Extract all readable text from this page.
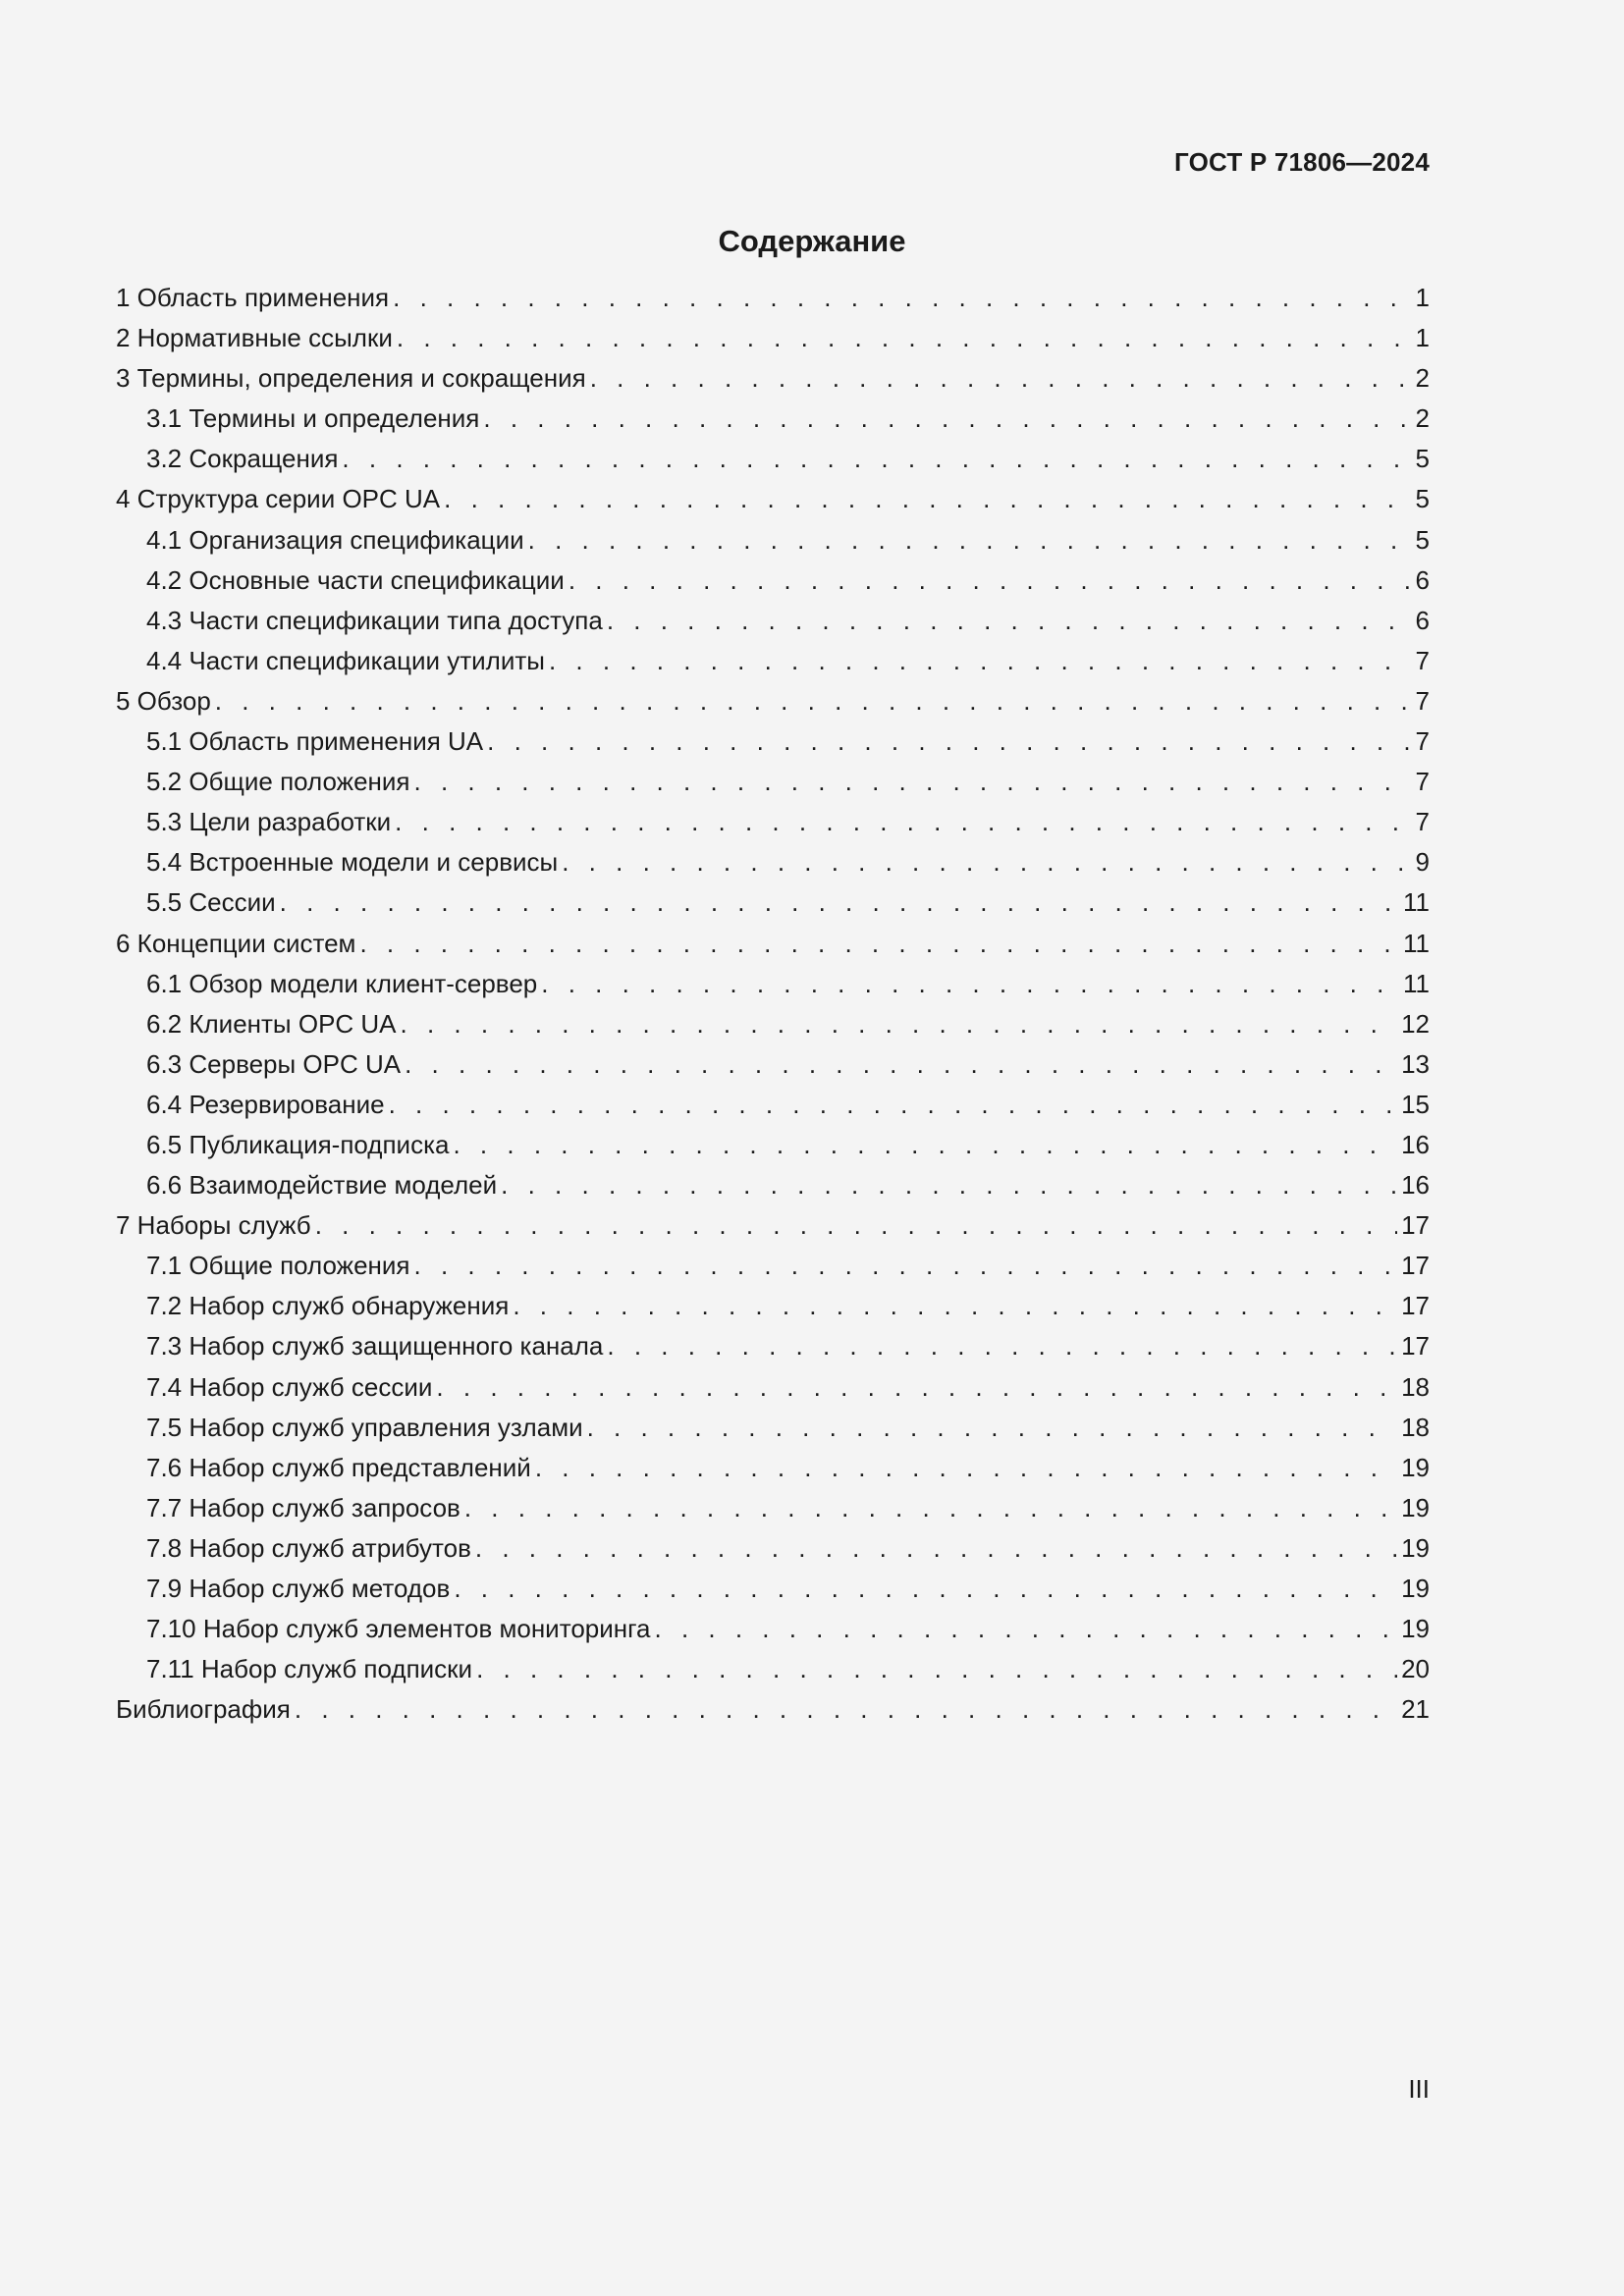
ГОСТ Р 71806—2024
Содержание
1 Область применения . . .	1
2 Нормативные ссылки . . .	1
3 Термины, определения и сокращения . . .	2
3.1 Термины и определения . . .	2
3.2 Сокращения . . .	5
4 Структура серии OPC UA . . .	5
4.1 Организация спецификации . . .	5
4.2 Основные части спецификации . . .	6
4.3 Части спецификации типа доступа . . .	6
4.4 Части спецификации утилиты . . .	7
5 Обзор . . .	7
5.1 Область применения UA . . .	7
5.2 Общие положения . . .	7
5.3 Цели разработки . . .	7
5.4 Встроенные модели и сервисы . . .	9
5.5 Сессии . . .	11
6 Концепции систем . . .	11
6.1 Обзор модели клиент-сервер . . .	11
6.2 Клиенты OPC UA . . .	12
6.3 Серверы OPC UA . . .	13
6.4 Резервирование . . .	15
6.5 Публикация-подписка . . .	16
6.6 Взаимодействие моделей . . .	16
7 Наборы служб . . .	17
7.1 Общие положения . . .	17
7.2 Набор служб обнаружения . . .	17
7.3 Набор служб защищенного канала . . .	17
7.4 Набор служб сессии . . .	18
7.5 Набор служб управления узлами . . .	18
7.6 Набор служб представлений . . .	19
7.7 Набор служб запросов . . .	19
7.8 Набор служб атрибутов . . .	19
7.9 Набор служб методов . . .	19
7.10 Набор служб элементов мониторинга . . .	19
7.11 Набор служб подписки . . .	20
Библиография . . .	21
III
